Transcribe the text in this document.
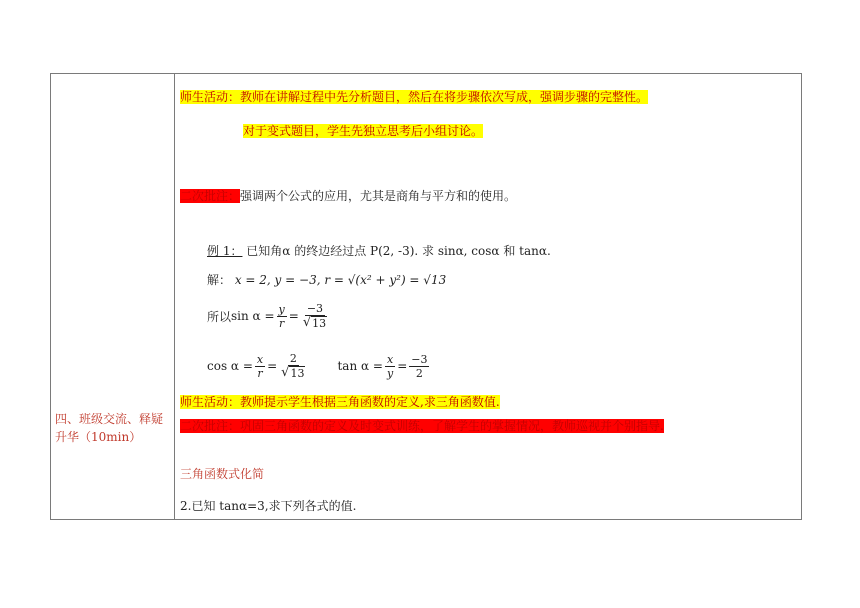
四、班级交流、释疑升华（10min）
师生活动：教师在讲解过程中先分析题目，然后在将步骤依次写成，强调步骤的完整性。
对于变式题目，学生先独立思考后小组讨论。
二次批注：强调两个公式的应用，尤其是商角与平方和的使用。
例 1： 已知角α 的终边经过点 P(2, -3). 求 sinα, cosα 和 tanα.
解： x = 2, y = −3, r = √(x² + y²) = √13
所以 $\sin \alpha = \frac{y}{r} = \frac{-3}{√ 13}$
$\cos \alpha = \frac{x}{r} = \frac{2}{√ 13}$	$\tan \alpha = \frac{x}{y} = \frac{-3}{2}$
师生活动：教师提示学生根据三角函数的定义,求三角函数值.
二次批注：巩固三角函数的定义及时变式训练，了解学生的掌握情况，教师巡视并个别指导.
三角函数式化简
2.已知 tanα=3,求下列各式的值.
